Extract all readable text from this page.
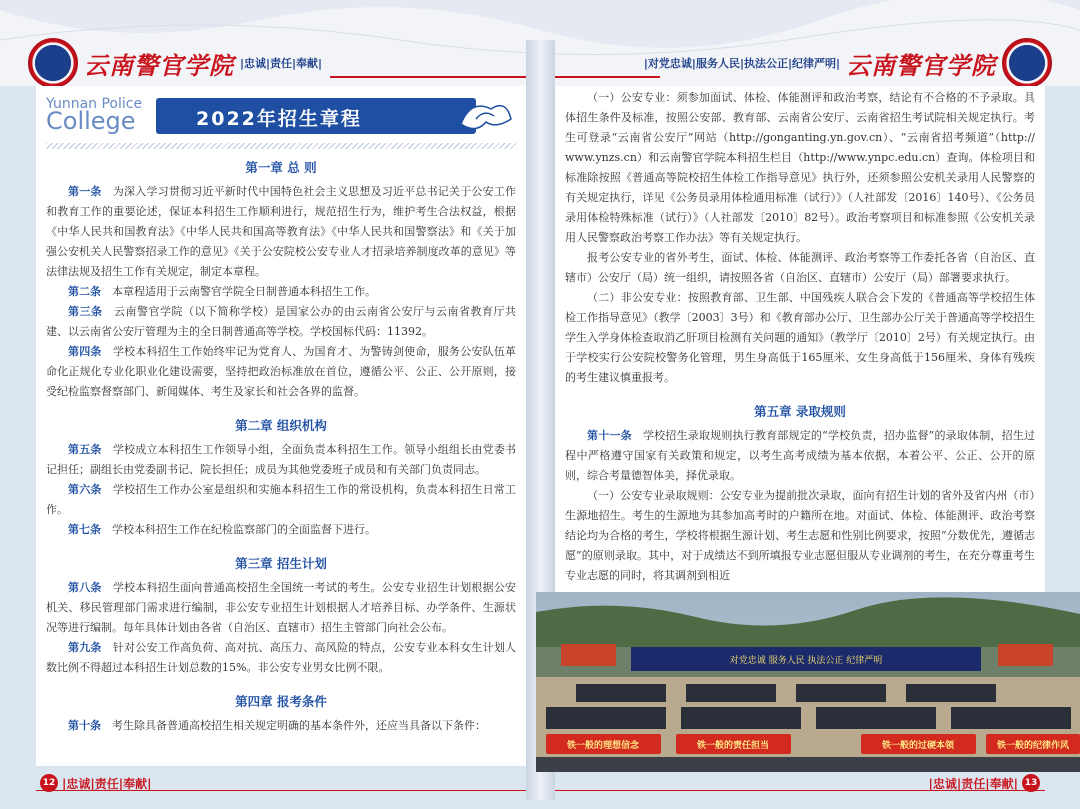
云南警官学院 |忠诚|责任|奉献|	|对党忠诚|服务人民|执法公正|纪律严明| 云南警官学院
Yunnan Police
College	2022年招生章程
第一章 总 则

第一条　 为深入学习贯彻习近平新时代中国特色社会主义思想及习近平总书记关于公安工作和教育工作的重要论述，保证本科招生工作顺利进行，规范招生行为，维护考生合法权益，根据《中华人民共和国教育法》《中华人民共和国高等教育法》《中华人民共和国警察法》和《关于加强公安机关人民警察招录工作的意见》《关于公安院校公安专业人才招录培养制度改革的意见》等法律法规及招生工作有关规定，制定本章程。

第二条　 本章程适用于云南警官学院全日制普通本科招生工作。

第三条　 云南警官学院（以下简称学校）是国家公办的由云南省公安厅与云南省教育厅共建、以云南省公安厅管理为主的全日制普通高等学校。学校国标代码：11392。

第四条　 学校本科招生工作始终牢记为党育人、为国育才、为警铸剑使命，服务公安队伍革命化正规化专业化职业化建设需要，坚持把政治标准放在首位，遵循公平、公正、公开原则，接受纪检监察督察部门、新闻媒体、考生及家长和社会各界的监督。

第二章 组织机构

第五条　 学校成立本科招生工作领导小组，全面负责本科招生工作。领导小组组长由党委书记担任；副组长由党委副书记、院长担任；成员为其他党委班子成员和有关部门负责同志。

第六条　 学校招生工作办公室是组织和实施本科招生工作的常设机构，负责本科招生日常工作。

第七条　 学校本科招生工作在纪检监察部门的全面监督下进行。

第三章 招生计划

第八条　 学校本科招生面向普通高校招生全国统一考试的考生。公安专业招生计划根据公安机关、移民管理部门需求进行编制，非公安专业招生计划根据人才培养目标、办学条件、生源状况等进行编制。每年具体计划由各省（自治区、直辖市）招生主管部门向社会公布。

第九条　 针对公安工作高负荷、高对抗、高压力、高风险的特点，公安专业本科女生计划人数比例不得超过本科招生计划总数的15%。非公安专业男女比例不限。

第四章 报考条件

第十条　 考生除具备普通高校招生相关规定明确的基本条件外，还应当具备以下条件：

（一）公安专业：须参加面试、体检、体能测评和政治考察，结论有不合格的不予录取。具体招生条件及标准，按照公安部、教育部、云南省公安厅、云南省招生考试院相关规定执行。考生可登录“云南省公安厅”网站（http://gonganting.yn.gov.cn）、“云南省招考频道”（http:// www.ynzs.cn）和云南警官学院本科招生栏目（http://www.ynpc.edu.cn）查询。体检项目和标准除按照《普通高等院校招生体检工作指导意见》执行外，还须参照公安机关录用人民警察的有关规定执行，详见《公务员录用体检通用标准（试行）》（人社部发〔2016〕140号）、《公务员录用体检特殊标准（试行）》（人社部发〔2010〕82号）。政治考察项目和标准参照《公安机关录用人民警察政治考察工作办法》等有关规定执行。

报考公安专业的省外考生，面试、体检、体能测评、政治考察等工作委托各省（自治区、直辖市）公安厅（局）统一组织，请按照各省（自治区、直辖市）公安厅（局）部署要求执行。

（二）非公安专业：按照教育部、卫生部、中国残疾人联合会下发的《普通高等学校招生体检工作指导意见》（教学〔2003〕3号）和《教育部办公厅、卫生部办公厅关于普通高等学校招生学生入学身体检查取消乙肝项目检测有关问题的通知》（教学厅〔2010〕2号）有关规定执行。由于学校实行公安院校警务化管理，男生身高低于165厘米、女生身高低于156厘米、身体有残疾的考生建议慎重报考。

第五章 录取规则

第十一条　 学校招生录取规则执行教育部规定的“学校负责，招办监督”的录取体制，招生过程中严格遵守国家有关政策和规定，以考生高考成绩为基本依据，本着公平、公正、公开的原则，综合考量德智体美，择优录取。

（一）公安专业录取规则：公安专业为提前批次录取，面向有招生计划的省外及省内州（市）生源地招生。考生的生源地为其参加高考时的户籍所在地。对面试、体检、体能测评、政治考察结论均为合格的考生，学校将根据生源计划、考生志愿和性别比例要求，按照“分数优先，遵循志愿”的原则录取。其中，对于成绩达不到所填报专业志愿但服从专业调剂的考生，在充分尊重考生专业志愿的同时，将其调剂到相近

对党忠诚 服务人民 执法公正 纪律严明
铁一般的理想信念	铁一般的责任担当	铁一般的过硬本领	铁一般的纪律作风
12 |忠诚|责任|奉献|	|忠诚|责任|奉献| 13
